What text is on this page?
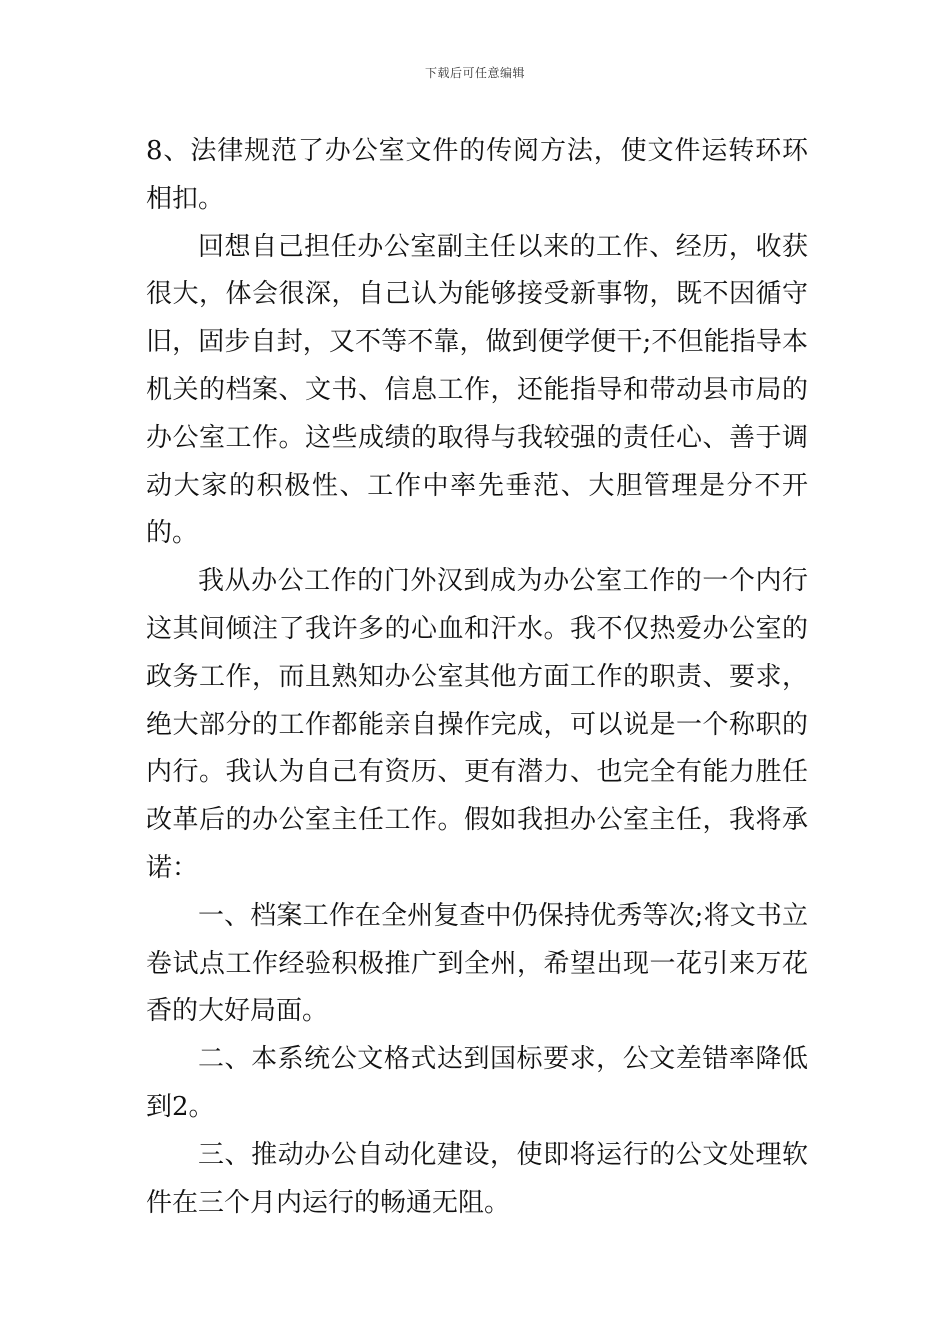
下载后可任意编辑

8、法律规范了办公室文件的传阅方法，使文件运转环环相扣。

回想自己担任办公室副主任以来的工作、经历，收获很大，体会很深，自己认为能够接受新事物，既不因循守旧，固步自封，又不等不靠，做到便学便干;不但能指导本机关的档案、文书、信息工作，还能指导和带动县市局的办公室工作。这些成绩的取得与我较强的责任心、善于调动大家的积极性、工作中率先垂范、大胆管理是分不开的。

我从办公工作的门外汉到成为办公室工作的一个内行这其间倾注了我许多的心血和汗水。我不仅热爱办公室的政务工作，而且熟知办公室其他方面工作的职责、要求，绝大部分的工作都能亲自操作完成，可以说是一个称职的内行。我认为自己有资历、更有潜力、也完全有能力胜任改革后的办公室主任工作。假如我担办公室主任，我将承诺：

一、档案工作在全州复查中仍保持优秀等次;将文书立卷试点工作经验积极推广到全州，希望出现一花引来万花香的大好局面。

二、本系统公文格式达到国标要求，公文差错率降低到2。

三、推动办公自动化建设，使即将运行的公文处理软件在三个月内运行的畅通无阻。
